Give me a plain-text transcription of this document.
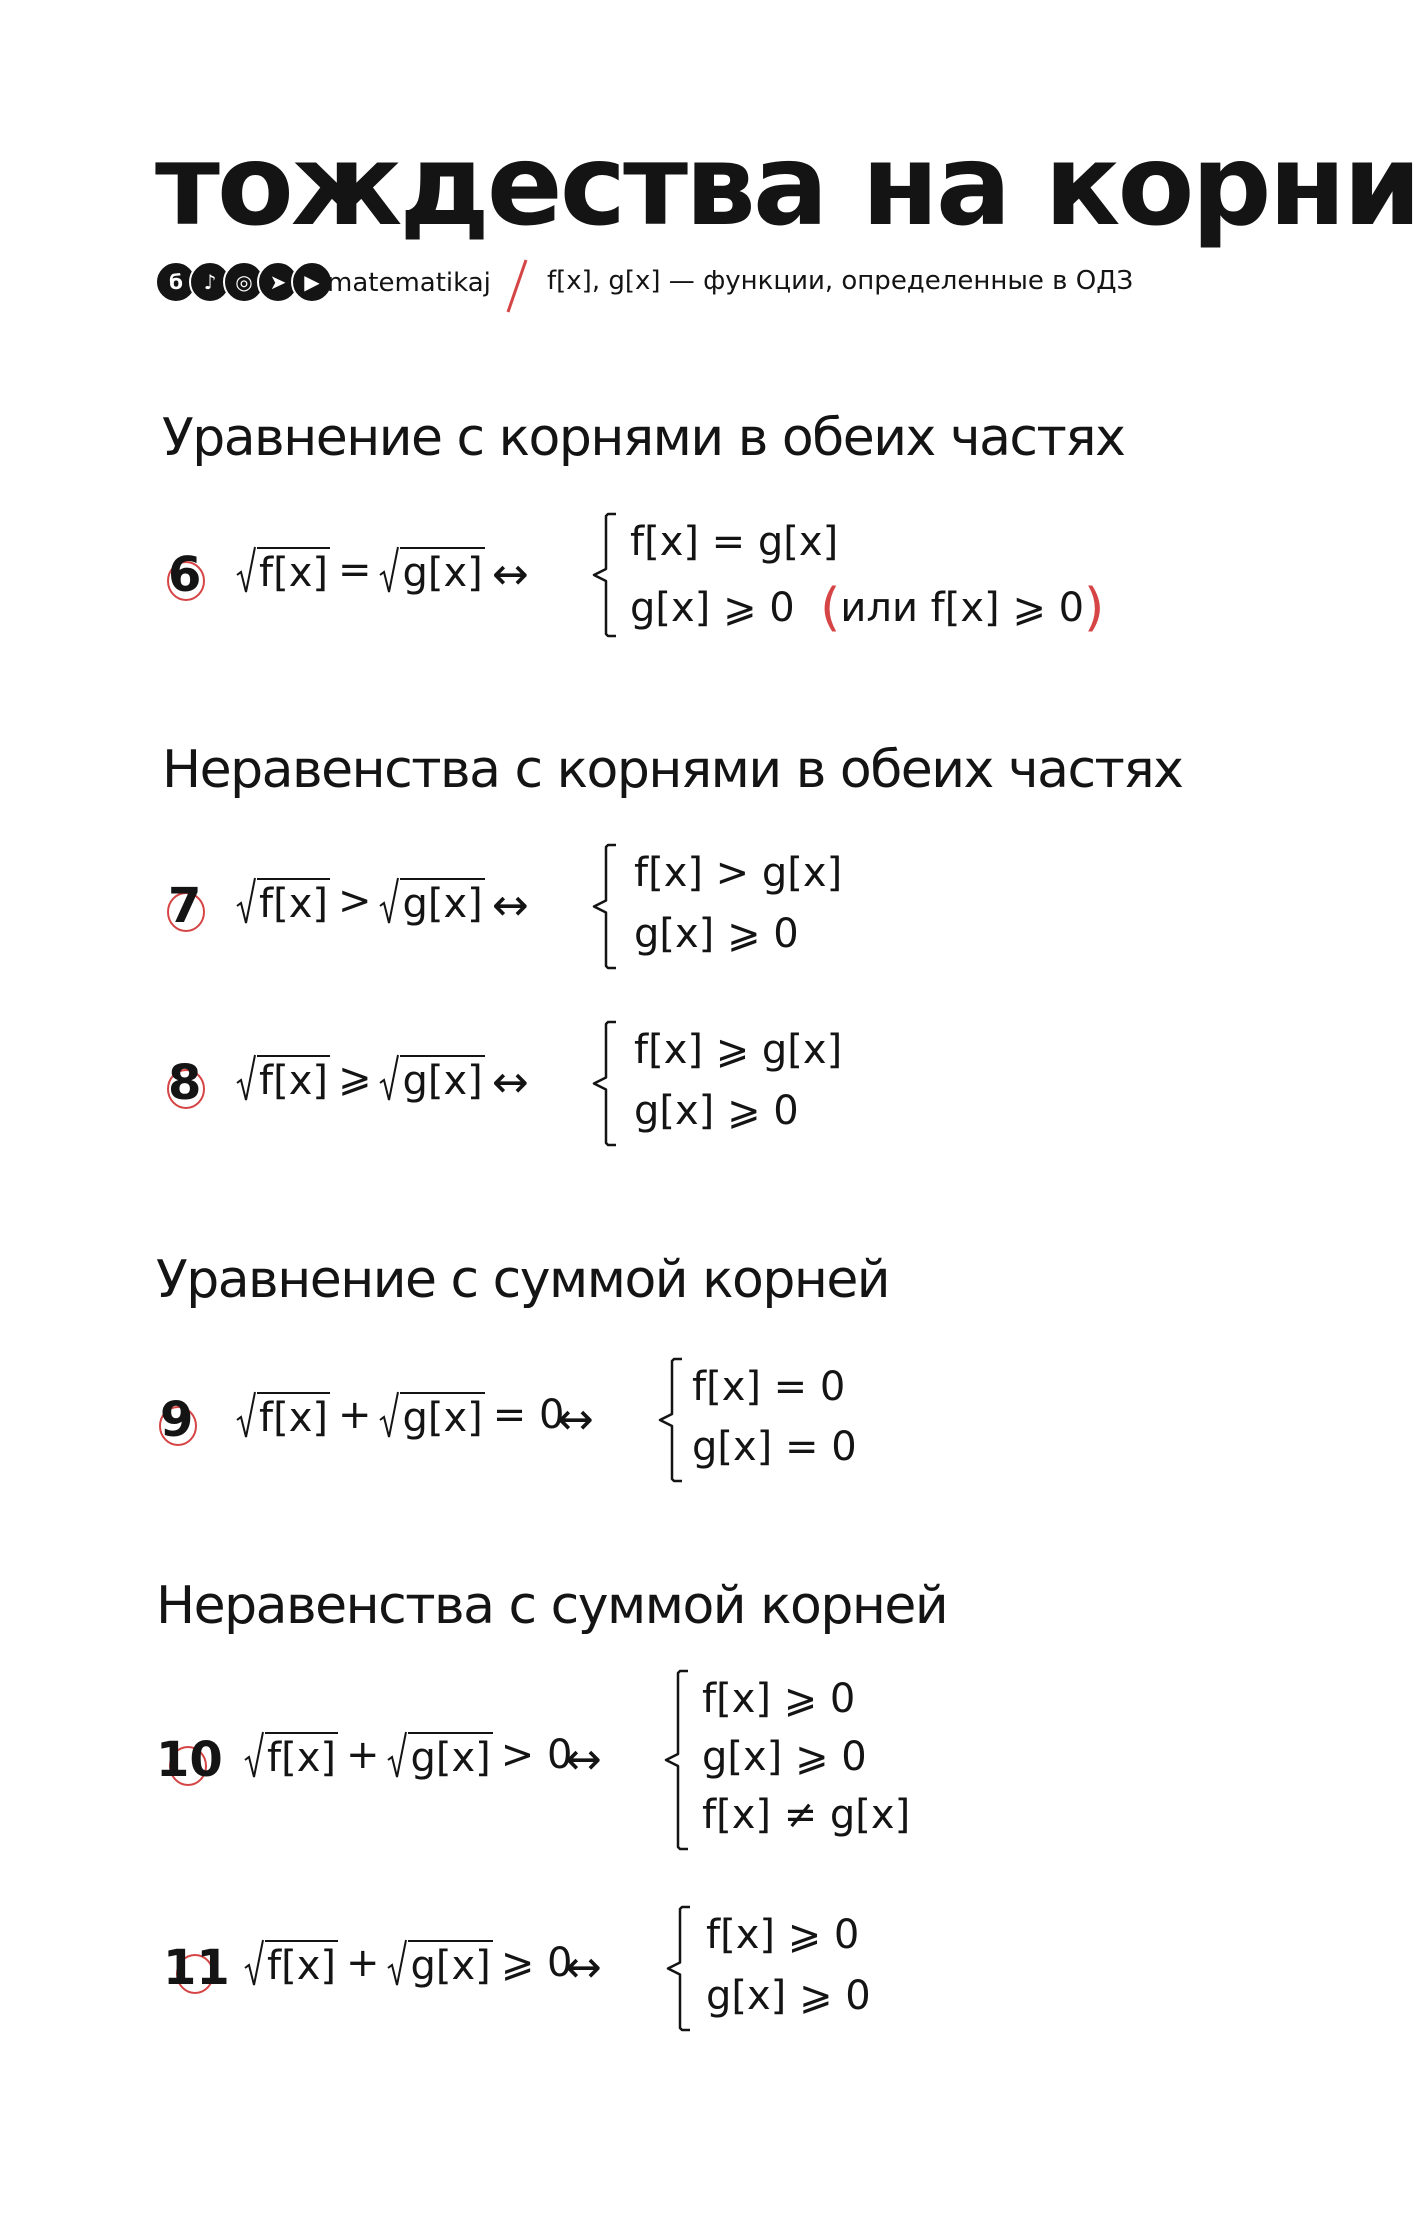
тождества на корни
б	♪ ◎ ➤ ▶ matematikaj f[x], g[x] — функции, определенные в ОДЗ
Уравнение с корнями в обеих частях
Неравенства с корнями в обеих частях
Уравнение с суммой корней
Неравенства с суммой корней
6 f[x] = g[x] ↔
f[x] = g[x]
g[x] ⩾ 0 (или f[x] ⩾ 0)
7 f[x] > g[x] ↔
f[x] > g[x]
g[x] ⩾ 0
8 f[x] ⩾ g[x] ↔
f[x] ⩾ g[x]
g[x] ⩾ 0
9 f[x] + g[x] = 0
↔
f[x] = 0
g[x] = 0
10 f[x] + g[x] > 0
↔
f[x] ⩾ 0
g[x] ⩾ 0
f[x] ≠ g[x]
11 f[x] + g[x] ⩾ 0
↔
f[x] ⩾ 0
g[x] ⩾ 0
